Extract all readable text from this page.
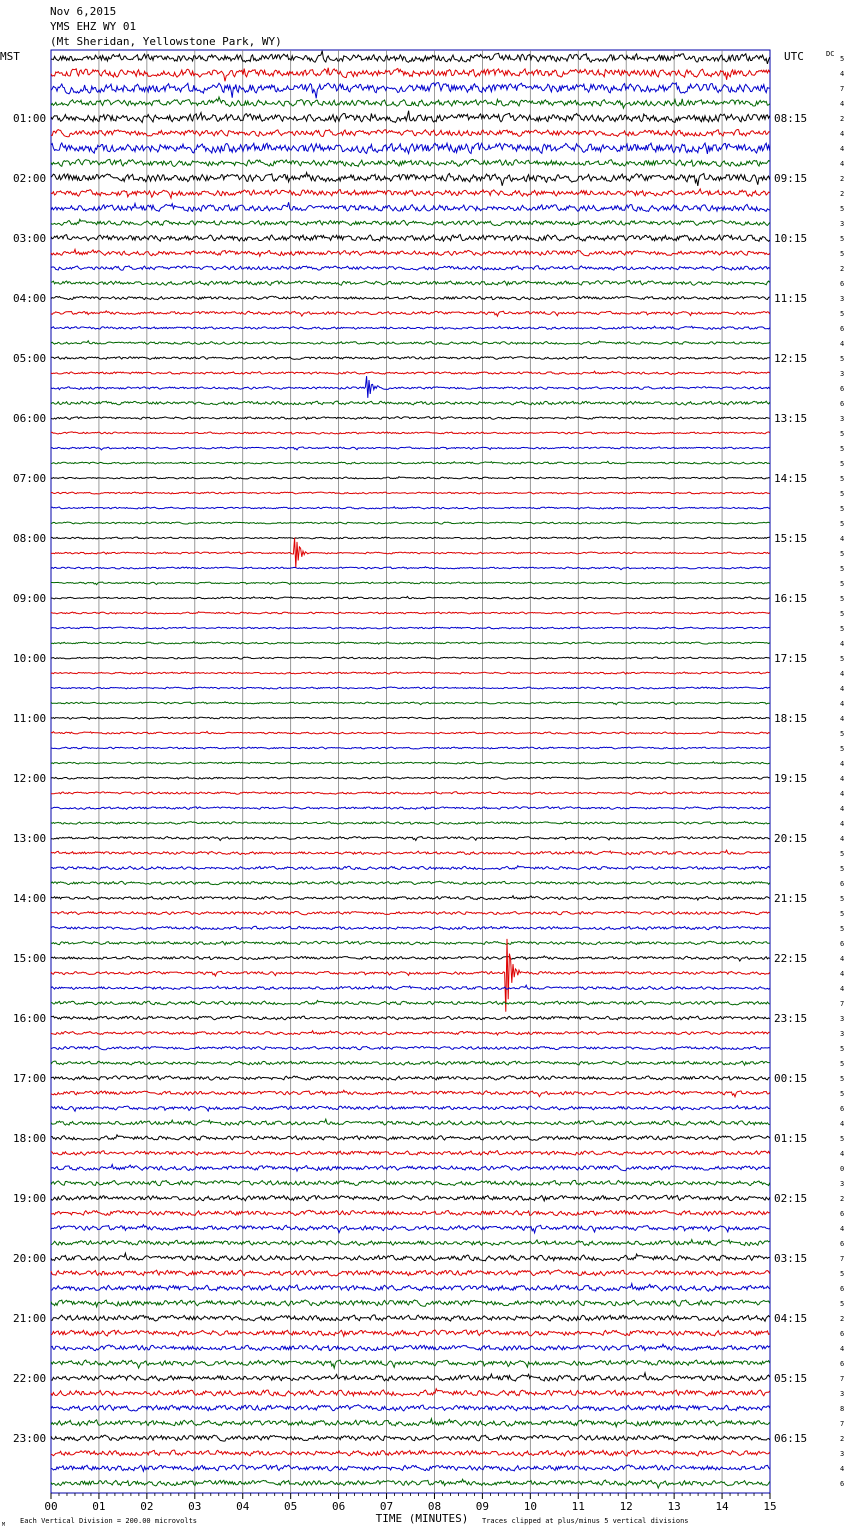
Nov 6,2015
YMS EHZ WY 01
(Mt Sheridan, Yellowstone Park, WY)
00	01	02	03	04	05	06	07	08	09	10	11	12	13	14	15
5
4
7
4
2
4
4
4
2
2
5
3
5
5
2
6
3
5
6
4
5
3
6
6
3
5
5
5
5
5
5
5
4
5
5
5
5
5
5
4
5
4
4
4
4
5
5
4
4
4
4
4
4
5
5
6
5
5
5
6
4
4
4
7
3
3
5
5
5
5
6
4
5
4
0
3
2
6
4
6
7
5
6
5
2
6
4
6
7
3
8
7
2
3
4
6
01:00	08:15
02:00	09:15
03:00	10:15
04:00	11:15
05:00	12:15
06:00	13:15
07:00	14:15
08:00	15:15
09:00	16:15
10:00	17:15
11:00	18:15
12:00	19:15
13:00	20:15
14:00	21:15
15:00	22:15
16:00	23:15
17:00	00:15
18:00	01:15
19:00	02:15
20:00	03:15
21:00	04:15
22:00	05:15
23:00	06:15
MST	UTC	DC
TIME (MINUTES)
Each Vertical Division = 200.00 microvolts	Traces clipped at plus/minus 5 vertical divisions
M
